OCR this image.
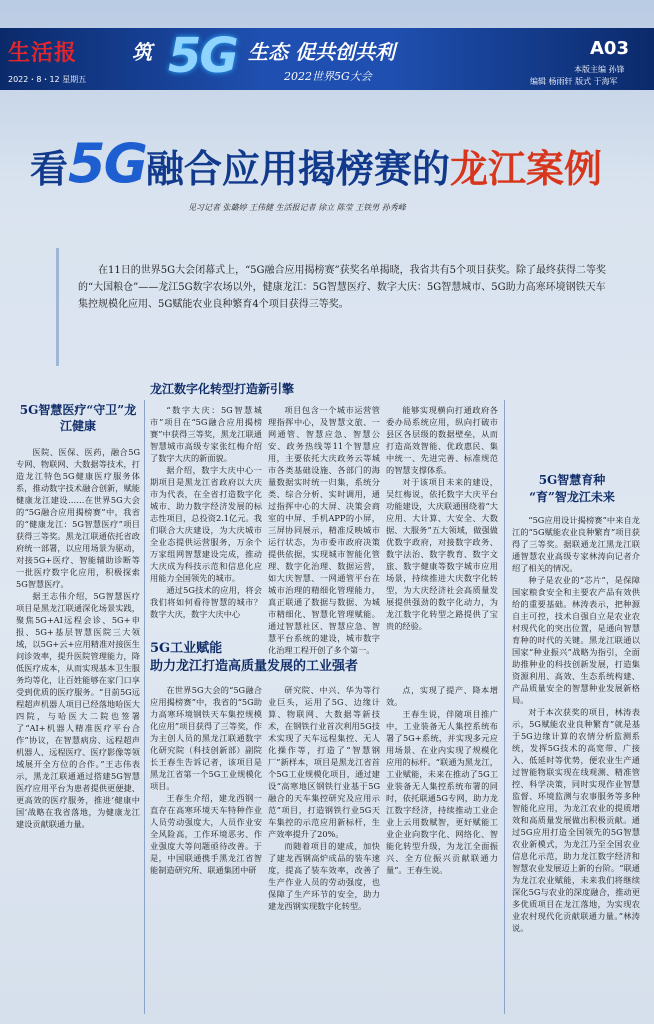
生活报
2022・8・12 星期五
筑 5G 生态 促共创共利
2022世界5G大会
A03
本版主编 孙锋
编辑 杨雨轩 版式 于海军
看5G融合应用揭榜赛的龙江案例
见习记者 张璐婷 王伟健 生活报记者 徐立 陈莹 王铁男 孙秀峰
在11日的世界5G大会闭幕式上，“5G融合应用揭榜赛”获奖名单揭晓，我省共有5个项目获奖。除了最终获得二等奖的“大国粮仓”——龙江5G数字农场以外，健康龙江：5G智慧医疗、数字大庆：5G智慧城市、5G助力高寒环境钢铁天车集控规模化应用、5G赋能农业良种繁育4个项目获得三等奖。
龙江数字化转型打造新引擎
5G智慧医疗“守卫”龙江健康
5G工业赋能
助力龙江打造高质量发展的工业强者
5G智慧育种
“育”智龙江未来

医院、医保、医药，融合5G专网、物联网、大数据等技术，打造龙江特色5G健康医疗服务体系，推动数字技术融合创新，赋能健康龙江建设……在世界5G大会的“5G融合应用揭榜赛”中，我省的“健康龙江：5G智慧医疗”项目获得三等奖。黑龙江联通依托省政府统一部署，以应用场景为驱动，对接5G+医疗、智能辅助诊断等一批医疗数字化应用，积极探索5G智慧医疗。

据王志伟介绍，5G智慧医疗项目是黑龙江联通深化场景实践，聚焦5G+AI远程会诊、5G+申报、5G+基层智慧医院三大领域，以5G+云+应用精准对接医生问诊效率，提升医院管理能力，降低医疗成本，从而实现基本卫生服务均等化，让百姓能够在家门口享受到优质的医疗服务。“目前5G远程超声机器人项目已经落地哈医大四院，与哈医大二院也签署了“AI+机器人精准医疗平台合作”协议，在智慧病房、远程超声机器人、远程医疗、医疗影像等领域展开全方位的合作。”王志伟表示，黑龙江联通通过搭建5G智慧医疗应用平台为患者提供更便捷、更高效的医疗服务，推进‘健康中国’战略在我省落地，为健康龙江建设贡献联通力量。

“数字大庆：5G智慧城市”项目在“5G融合应用揭榜赛”中获得三等奖，黑龙江联通智慧城市高级专家张红梅介绍了数字大庆的新面貌。

据介绍，数字大庆中心一期项目是黑龙江省政府以大庆市为代表，在全省打造数字化城市、助力数字经济发展的标志性项目，总投资2.1亿元。我们联合大庆建设，为大庆城市全业态提供运营服务，万余个万家组网智慧建设完成，推动大庆成为科技示范和信息化应用能力全国领先的城市。

通过5G技术的应用，将会我们将如何看待智慧的城市？数字大庆，数字大庆中心

项目包含一个城市运营管理指挥中心，及智慧文旅、一网通管、智慧应急、智慧公安、政务热线等11个智慧应用，主要依托大庆政务云等城市各类基础设施、各部门的海量数据实时统一归集，系统分类、综合分析、实时调用，通过指挥中心的大屏、决策会商室的中屏、手机APP的小屏，三屏协同展示，精准反映城市运行状态，为市委市政府决策提供依据，实现城市智能化管理、数字化治理、数据运营，如大庆智慧、一网通管平台在城市治理的精细化管理能力，真正联通了数据与数据、为城市精细化、智慧化管理赋能。通过智慧社区、智慧应急、智慧平台系统的建设，城市数字化治理工程开创了多个第一。

能够实现横向打通政府各委办局系统应用，纵向打破市县区各层级的数据壁垒，从而打造高效智能、优政惠民、集中统一、先进完善、标准规范的智慧支撑体系。

对于该项目未来的建设，吴红梅说，依托数字大庆平台功能建设，大庆联通围绕着“大应用、大计算、大安全、大数据、大服务”五大领域，做强做优数字政府，对接数字政务、数字法治、数字教育、数字文旅、数字健康等数字城市应用场景，持续推进大庆数字化转型，为大庆经济社会高质量发展提供强劲的数字化动力，为龙江数字化转型之路提供了宝贵的经验。

在世界5G大会的“5G融合应用揭榜赛”中，我省的“5G助力高寒环境钢铁天车集控规模化应用”项目获得了三等奖，作为主创人员的黑龙江联通数字化研究院（科技创新部）副院长王春生告诉记者，该项目是黑龙江省第一个5G工业规模化项目。

王春生介绍，建龙西钢一直存在高寒环境天车特种作业人员劳动强度大，人员作业安全风险高，工作环境恶劣、作业强度大等问题亟待改善。于是，中国联通携手黑龙江省智能制造研究所、联通集团中研

研究院、中兴、华为等行业巨头，运用了5G、边缘计算、物联网、大数据等新技术，在钢铁行业首次利用5G技术实现了天车远程集控、无人化操作等，打造了“智慧钢厂”新样本，项目是黑龙江省首个5G工业规模化项目，通过建设“高寒地区钢铁行业基于5G融合的天车集控研究及应用示范”项目，打造钢铁行业5G天车集控的示范应用新标杆，生产效率提升了20%。

而随着项目的建成，加快了建龙西钢高炉成品的装车速度，提高了装车效率，改善了生产作业人员的劳动强度，也保障了生产环节的安全，助力建龙西钢实现数字化转型。

点，实现了提产、降本增效。

王春生说，伴随项目推广中，工业装备无人集控系统布署了5G+系统，并实现多元应用场景、在业内实现了规模化应用的标杆。“联通为黑龙江，工业赋能，未来在推动了5G工业装备无人集控系统布署的同时，依托联通5G专网，助力龙江数字经济，持续推动工业企业上云用数赋智，更好赋能工业企业向数字化、网络化、智能化转型升级，为龙江全面振兴、全方位振兴贡献联通力量”。王春生说。

“5G应用设计揭榜赛”中来自龙江的“5G赋能农业良种繁育”项目获得了三等奖。据联通龙江黑龙江联通智慧农业高级专家林涛向记者介绍了相关的情况。

种子是农业的“芯片”，是保障国家粮食安全和主要农产品有效供给的重要基础。林涛表示，把种源自主可控，技术自强自立是农业农村现代化的突出位置，是通向智慧育种的时代的关键。黑龙江联通以国家“种业振兴”战略为指引，全面助推种业的科技创新发展，打造集资源利用、高效、生态系统构建、产品质量安全的智慧种业发展新格局。

对于本次获奖的项目，林涛表示，5G赋能农业良种繁育”就是基于5G边缘计算的农情分析监测系统，发挥5G技术的高宽带、广接入、低延时等优势，便农业生产通过智能物联实现在线观测、精准管控、科学决策，同时实现作业智慧监督、环境监测与农事服务等多种智能化应用，为龙江农业的提质增效和高质量发展做出积极贡献。通过5G应用打造全国领先的5G智慧农业新模式，为龙江乃至全国农业信息化示范，助力龙江数字经济和智慧农业发展迈上新的台阶。“联通为龙江农业赋能，未来我们将继续深化5G与农业的深度融合，推动更多优质项目在龙江落地，为实现农业农村现代化贡献联通力量。”林涛说。
